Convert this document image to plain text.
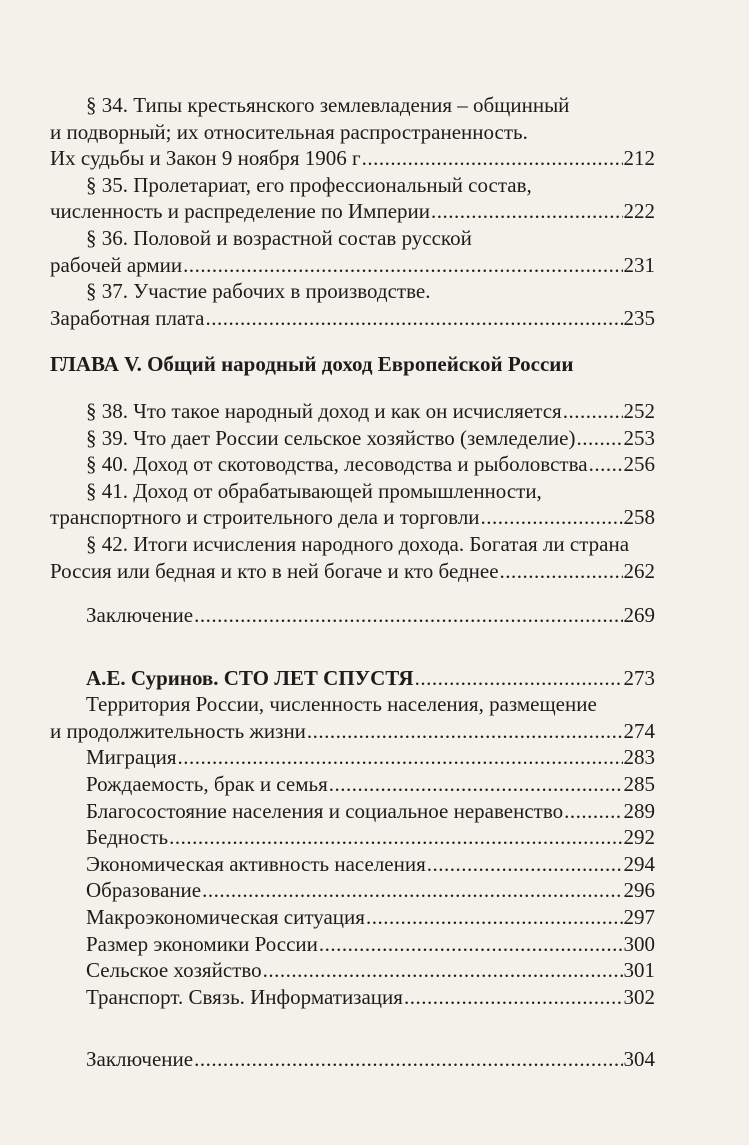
§ 34. Типы крестьянского землевладения – общинный
и подворный; их относительная распространенность.
Их судьбы и Закон 9 ноября 1906 г .....	212
§ 35. Пролетариат, его профессиональный состав,
численность и распределение по Империи .....	222
§ 36. Половой и возрастной состав русской
рабочей армии .....	231
§ 37. Участие рабочих в производстве.
Заработная плата .....	235
ГЛАВА V. Общий народный доход Европейской России
§ 38. Что такое народный доход и как он исчисляется .....	252
§ 39. Что дает России сельское хозяйство (земледелие) ..... 253
§ 40. Доход от скотоводства, лесоводства и рыболовства ..... 256
§ 41. Доход от обрабатывающей промышленности,
транспортного и строительного дела и торговли .....	258
§ 42. Итоги исчисления народного дохода. Богатая ли страна
Россия или бедная и кто в ней богаче и кто беднее .....	262
Заключение .....	269
А.Е. Суринов. СТО ЛЕТ СПУСТЯ .....	273
Территория России, численность населения, размещение
и продолжительность жизни .....	274
Миграция .....	283
Рождаемость, брак и семья .....	285
Благосостояние населения и социальное неравенство .....	289
Бедность .....	292
Экономическая активность населения .....	294
Образование .....	296
Макроэкономическая ситуация .....	297
Размер экономики России .....	300
Сельское хозяйство .....	301
Транспорт. Связь. Информатизация .....	302
Заключение .....	304
